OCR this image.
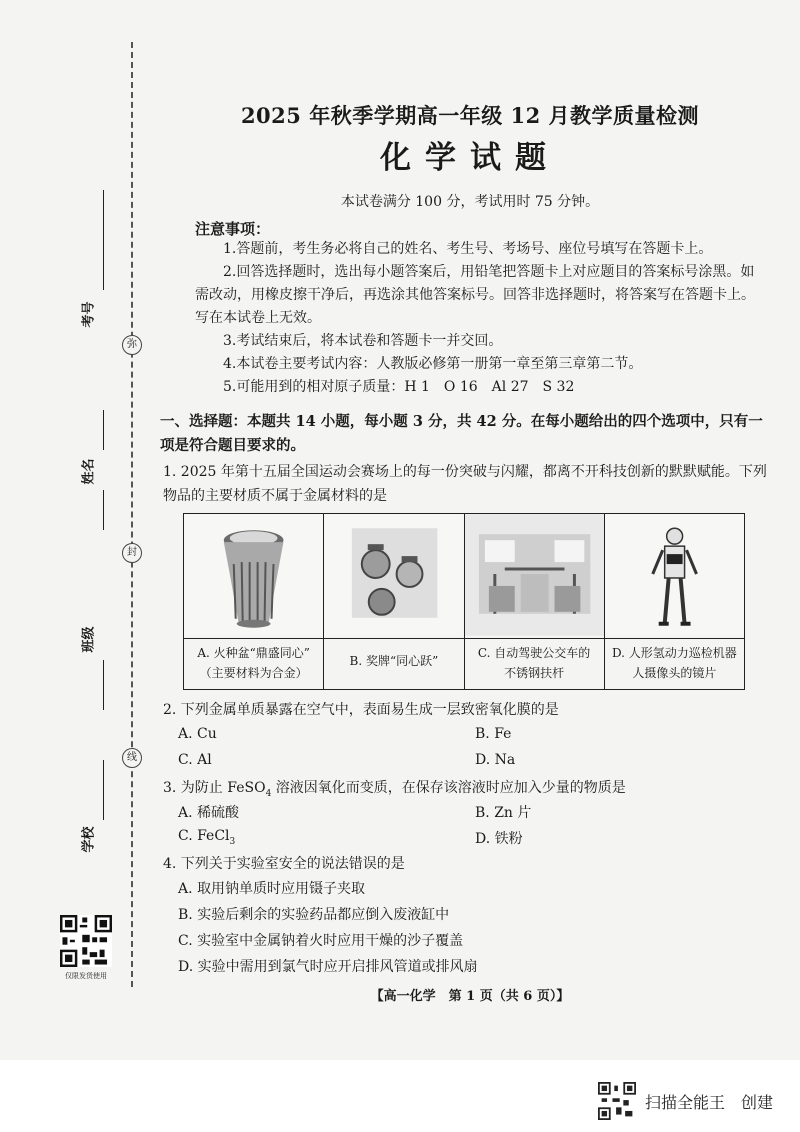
弥
封
线
考号
姓名
班级
学校
仅限发货使用
2025 年秋季学期高一年级 12 月教学质量检测
化学试题
本试卷满分 100 分，考试用时 75 分钟。
注意事项：
1.答题前，考生务必将自己的姓名、考生号、考场号、座位号填写在答题卡上。
2.回答选择题时，选出每小题答案后，用铅笔把答题卡上对应题目的答案标号涂黑。如需改动，用橡皮擦干净后，再选涂其他答案标号。回答非选择题时，将答案写在答题卡上。写在本试卷上无效。
3.考试结束后，将本试卷和答题卡一并交回。
4.本试卷主要考试内容：人教版必修第一册第一章至第三章第二节。
5.可能用到的相对原子质量：H 1　O 16　Al 27　S 32
一、选择题：本题共 14 小题，每小题 3 分，共 42 分。在每小题给出的四个选项中，只有一项是符合题目要求的。
1. 2025 年第十五届全国运动会赛场上的每一份突破与闪耀，都离不开科技创新的默默赋能。下列物品的主要材质不属于金属材料的是
A. 火种盆“鼎盛同心”
（主要材料为合金）
B. 奖牌“同心跃”
C. 自动驾驶公交车的
不锈钢扶杆
D. 人形氢动力巡检机器
人摄像头的镜片
2. 下列金属单质暴露在空气中，表面易生成一层致密氧化膜的是
A. Cu	B. Fe
C. Al	D. Na
3. 为防止 FeSO$_4$ 溶液因氧化而变质，在保存该溶液时应加入少量的物质是
A. 稀硫酸	B. Zn 片
C. FeCl$_3$	D. 铁粉
4. 下列关于实验室安全的说法错误的是
A. 取用钠单质时应用镊子夹取
B. 实验后剩余的实验药品都应倒入废液缸中
C. 实验室中金属钠着火时应用干燥的沙子覆盖
D. 实验中需用到氯气时应开启排风管道或排风扇
【高一化学　第 1 页（共 6 页）】
扫描全能王　创建
